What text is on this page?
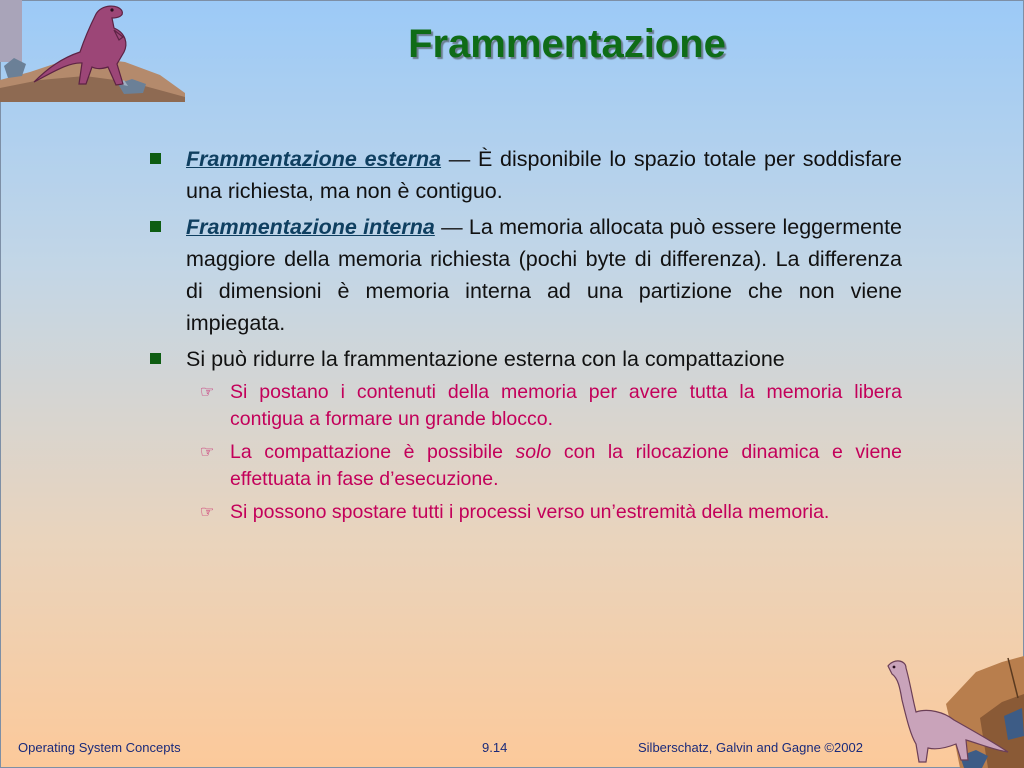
Frammentazione
Frammentazione esterna — È disponibile lo spazio totale per soddisfare una richiesta, ma non è contiguo.
Frammentazione interna — La memoria allocata può essere leggermente maggiore della memoria richiesta (pochi byte di differenza). La differenza di dimensioni è memoria interna ad una partizione che non viene impiegata.
Si può ridurre la frammentazione esterna con la compattazione
☞ Si postano i contenuti della memoria per avere tutta la memoria libera contigua a formare un grande blocco.
☞ La compattazione è possibile solo con la rilocazione dinamica e viene effettuata in fase d’esecuzione.
☞ Si possono spostare tutti i processi verso un’estremità della memoria.
Operating System Concepts	9.14	Silberschatz, Galvin and Gagne ©2002
